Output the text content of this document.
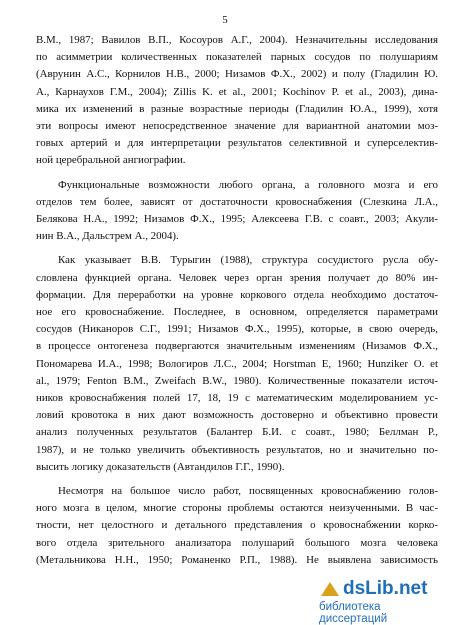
5
В.М., 1987; Вавилов В.П., Косоуров А.Г., 2004). Незначительны исследования
по асимметрии количественных показателей парных сосудов по полушариям
(Аврунин А.С., Корнилов Н.В., 2000; Низамов Ф.Х., 2002) и полу (Гладилин Ю.
А., Карнаухов Г.М., 2004); Zillis K. et al., 2001; Kochinov P. et al., 2003), дина-
мика их изменений в разные возрастные периоды (Гладилин Ю.А., 1999), хотя
эти вопросы имеют непосредственное значение для вариантной анатомии моз-
говых артерий и для интерпретации результатов селективной и суперселектив-
ной церебральной ангиографии.
Функциональные возможности любого органа, а головного мозга и его
отделов тем более, зависят от достаточности кровоснабжения (Слезкина Л.А.,
Белякова Н.А., 1992; Низамов Ф.Х., 1995; Алексеева Г.В. с соавт., 2003; Акули-
нин В.А., Дальстрем А., 2004).
Как указывает В.В. Турыгин (1988), структура сосудистого русла обу-
словлена функцией органа. Человек через орган зрения получает до 80% ин-
формации. Для переработки на уровне коркового отдела необходимо достаточ-
ное его кровоснабжение. Последнее, в основном, определяется параметрами
сосудов (Никаноров С.Г., 1991; Низамов Ф.Х., 1995), которые, в свою очередь,
в процессе онтогенеза подвергаются значительным изменениям (Низамов Ф.Х.,
Пономарева И.А., 1998; Вологиров Л.С., 2004; Horstman E, 1960; Hunziker O. et
al., 1979; Fenton B.M., Zweifach B.W., 1980). Количественные показатели источ-
ников кровоснабжения полей 17, 18, 19 с математическим моделированием ус-
ловий кровотока в них дают возможность достоверно и объективно провести
анализ полученных результатов (Балантер Б.И. с соавт., 1980; Беллман Р.,
1987), и не только увеличить объективность результатов, но и значительно по-
высить логику доказательств (Автандилов Г.Г., 1990).
Несмотря на большое число работ, посвященных кровоснабжению голов-
ного мозга в целом, многие стороны проблемы остаются неизученными. В час-
тности, нет целостного и детального представления о кровоснабжении корко-
вого отдела зрительного анализатора полушарий большого мозга человека
(Метальникова Н.Н., 1950; Романенко Р.П., 1988). Не выявлена зависимость
dsLib.net
библиотека диссертаций
